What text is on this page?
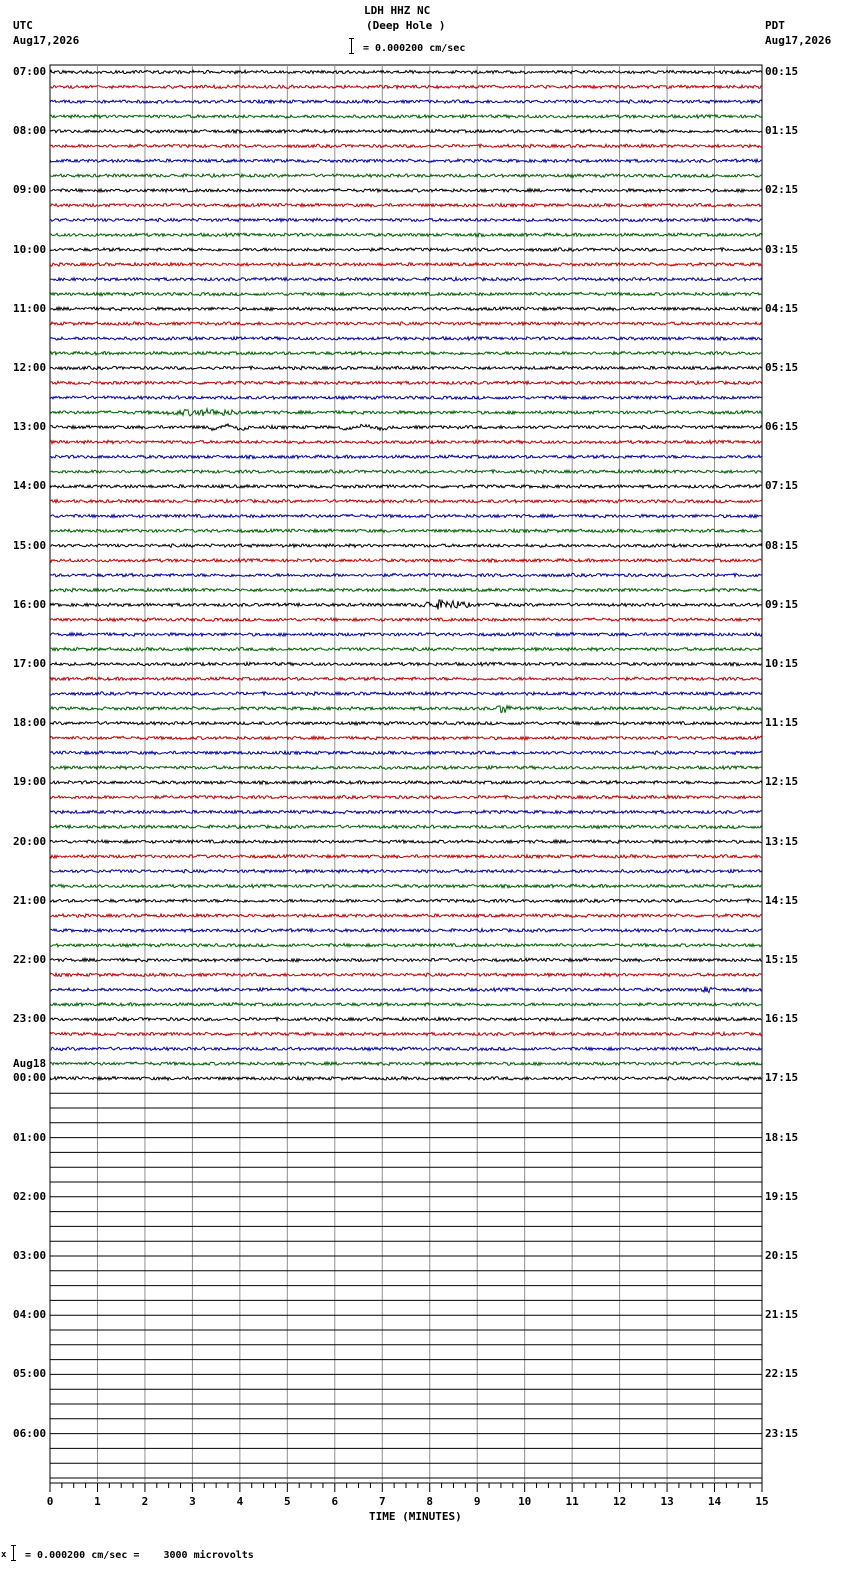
LDH HHZ NC
(Deep Hole )
= 0.000200 cm/sec
UTC
Aug17,2026
PDT
Aug17,2026
07:00
08:00
09:00
10:00
11:00
12:00
13:00
14:00
15:00
16:00
17:00
18:00
19:00
20:00
21:00
22:00
23:00
00:00
01:00
02:00
03:00
04:00
05:00
06:00
00:15
01:15
02:15
03:15
04:15
05:15
06:15
07:15
08:15
09:15
10:15
11:15
12:15
13:15
14:15
15:15
16:15
17:15
18:15
19:15
20:15
21:15
22:15
23:15
0	1	2	3	4	5	6	7	8	9	10	11	12	13	14	15
Aug18
TIME (MINUTES)
x = 0.000200 cm/sec =    3000 microvolts
